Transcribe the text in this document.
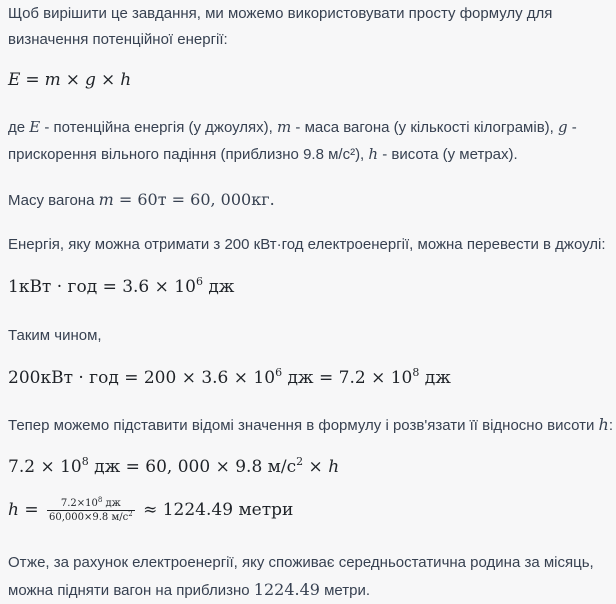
Щоб вирішити це завдання, ми можемо використовувати просту формулу для

визначення потенційної енергії:

E = m × g × h

де E - потенційна енергія (у джоулях), m - маса вагона (у кількості кілограмів), g -

прискорення вільного падіння (приблизно 9.8 м/с²), h - висота (у метрах).

Масу вагона m = 60т = 60, 000кг.

Енергія, яку можна отримати з 200 кВт·год електроенергії, можна перевести в джоулі:

1кВт · год = $3.6 \times 10^6$ дж

Таким чином,

200кВт · год = $200 \times 3.6 \times 10^6$ дж = $7.2 \times 10^8$ дж

Тепер можемо підставити відомі значення в формулу і розв'язати її відносно висоти h:

$7.2 \times 10^8$ дж = 60, 000 × 9.8 $м/с^2 \times h$
$h = \frac{7.2\times 10^8 дж}{60,000\times 9.8 м/с^2} \approx 1224.49$ метри

Отже, за рахунок електроенергії, яку споживає середньостатична родина за місяць,

можна підняти вагон на приблизно 1224.49 метри.
